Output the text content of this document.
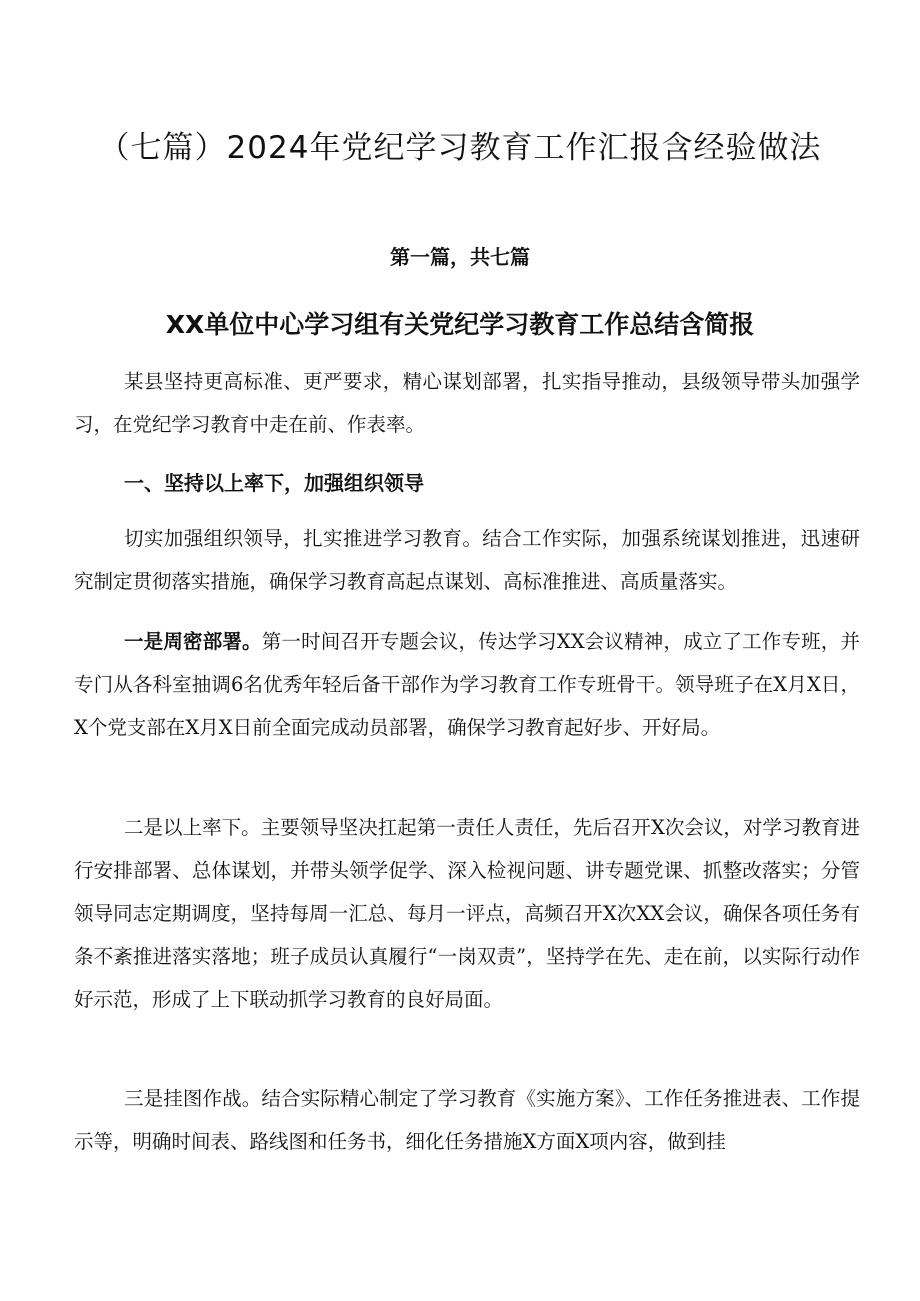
（七篇）2024年党纪学习教育工作汇报含经验做法
第一篇，共七篇
XX单位中心学习组有关党纪学习教育工作总结含简报

某县坚持更高标准、更严要求，精心谋划部署，扎实指导推动，县级领导带头加强学习，在党纪学习教育中走在前、作表率。

一、坚持以上率下，加强组织领导

切实加强组织领导，扎实推进学习教育。结合工作实际，加强系统谋划推进，迅速研究制定贯彻落实措施，确保学习教育高起点谋划、高标准推进、高质量落实。

一是周密部署。第一时间召开专题会议，传达学习XX会议精神，成立了工作专班，并专门从各科室抽调6名优秀年轻后备干部作为学习教育工作专班骨干。领导班子在X月X日，X个党支部在X月X日前全面完成动员部署，确保学习教育起好步、开好局。

二是以上率下。主要领导坚决扛起第一责任人责任，先后召开X次会议，对学习教育进行安排部署、总体谋划，并带头领学促学、深入检视问题、讲专题党课、抓整改落实；分管领导同志定期调度，坚持每周一汇总、每月一评点，高频召开X次XX会议，确保各项任务有条不紊推进落实落地；班子成员认真履行“一岗双责”，坚持学在先、走在前，以实际行动作好示范，形成了上下联动抓学习教育的良好局面。

三是挂图作战。结合实际精心制定了学习教育《实施方案》、工作任务推进表、工作提示等，明确时间表、路线图和任务书，细化任务措施X方面X项内容，做到挂
